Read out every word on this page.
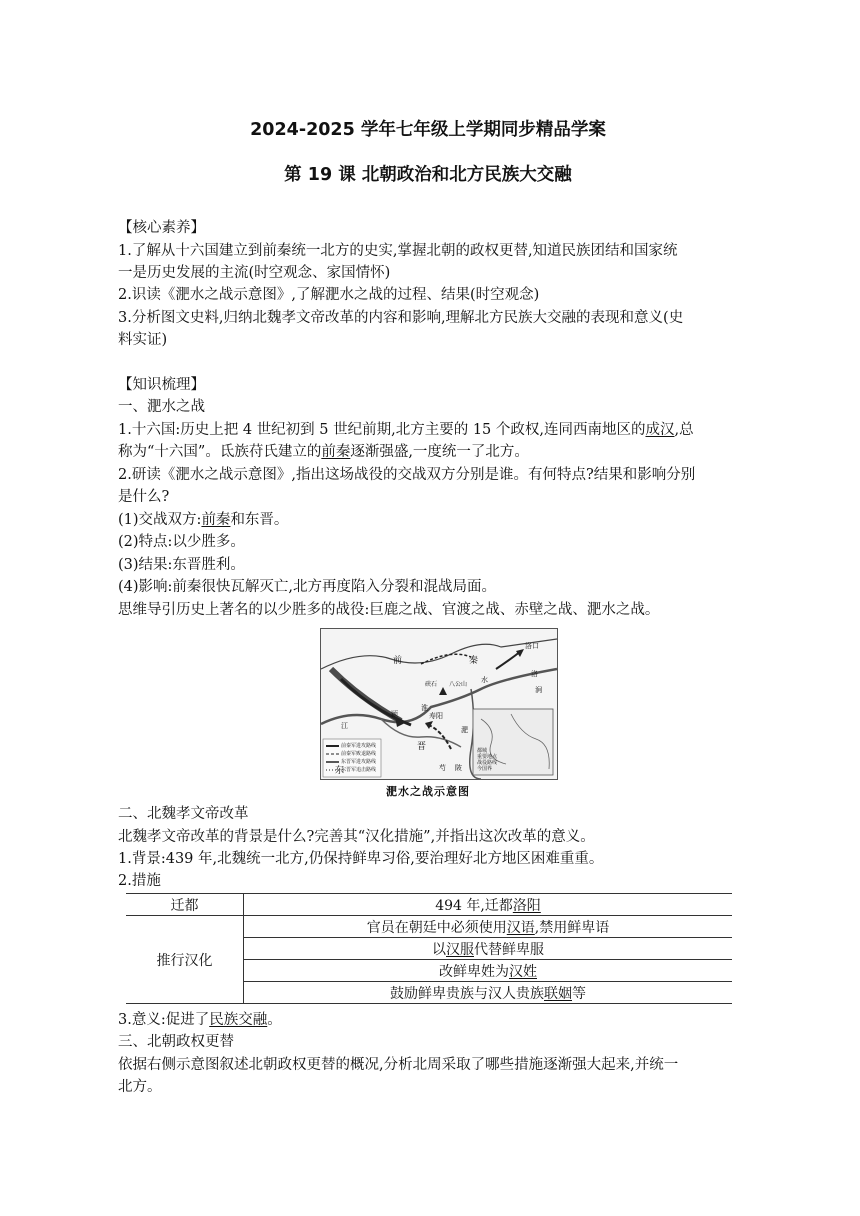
2024-2025 学年七年级上学期同步精品学案
第 19 课 北朝政治和北方民族大交融
【核心素养】
1.了解从十六国建立到前秦统一北方的史实,掌握北朝的政权更替,知道民族团结和国家统
一是历史发展的主流(时空观念、家国情怀)
2.识读《淝水之战示意图》,了解淝水之战的过程、结果(时空观念)
3.分析图文史料,归纳北魏孝文帝改革的内容和影响,理解北方民族大交融的表现和意义(史
料实证)
【知识梳理】
一、淝水之战
1.十六国:历史上把 4 世纪初到 5 世纪前期,北方主要的 15 个政权,连同西南地区的成汉,总
称为“十六国”。氐族苻氏建立的前秦逐渐强盛,一度统一了北方。
2.研读《淝水之战示意图》,指出这场战役的交战双方分别是谁。有何特点?结果和影响分别
是什么?
(1)交战双方:前秦和东晋。
(2)特点:以少胜多。
(3)结果:东晋胜利。
(4)影响:前秦很快瓦解灭亡,北方再度陷入分裂和混战局面。
思维导引历史上著名的以少胜多的战役:巨鹿之战、官渡之战、赤壁之战、淝水之战。
前	秦
东
晋
洛口
洛
涧
淮
水
淝
寿阳
八公山
硖石
颍
江
芍 陂
前秦军进攻路线
前秦军败退路线
东晋军进攻路线
东晋军追击路线
都城
重要地点
战役路线
今国界
淝水之战示意图
二、北魏孝文帝改革
北魏孝文帝改革的背景是什么?完善其“汉化措施”,并指出这次改革的意义。
1.背景:439 年,北魏统一北方,仍保持鲜卑习俗,要治理好北方地区困难重重。
2.措施
迁都	494 年,迁都洛阳
推行汉化	官员在朝廷中必须使用汉语,禁用鲜卑语
	以汉服代替鲜卑服
	改鲜卑姓为汉姓
	鼓励鲜卑贵族与汉人贵族联姻等
3.意义:促进了民族交融。
三、北朝政权更替
依据右侧示意图叙述北朝政权更替的概况,分析北周采取了哪些措施逐渐强大起来,并统一
北方。
